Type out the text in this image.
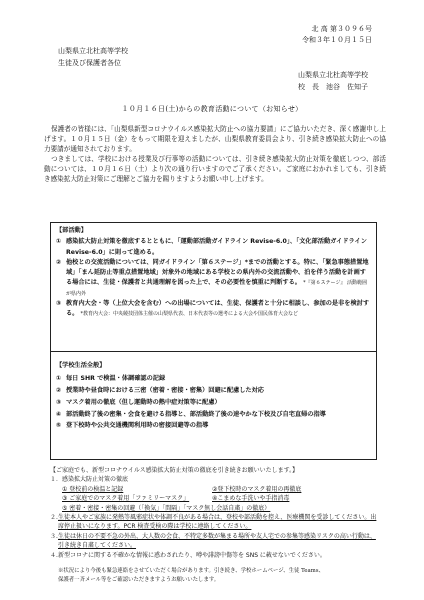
北 高 第３０９６号
令和３年１０月１５日
山梨県立北杜高等学校
生徒及び保護者各位
山梨県立北杜高等学校
校　長　池谷　佐知子
１０月１６日(土)からの教育活動について（お知らせ）

保護者の皆様には、「山梨県新型コロナウイルス感染拡大防止への協力要請」にご協力いただき、深く感謝申し上げます。１０月１５日（金）をもって期限を迎えましたが、山梨県教育委員会より、引き続き感染拡大防止への協力要請が通知されております。

つきましては、学校における授業及び行事等の活動については、引き続き感染拡大防止対策を徹底しつつ、部活動については、１０月１６日（土）より次の通り行いますのでご了承ください。ご家庭におかれましても、引き続き感染拡大防止対策にご理解とご協力を賜りますようお願い申し上げます。

【部活動】
① 感染拡大防止対策を徹底するとともに、「運動部活動ガイドライン Revise-6.0」、「文化部活動ガイドライン Revise-6.0」に則って進める。
② 他校との交流活動については、同ガイドライン「第６ステージ」*までの活動とする。特に、「緊急事態措置地域」「まん延防止等重点措置地域」対象外の地域にある学校との県内外の交流活動や、泊を伴う活動を計画する場合には、生徒・保護者と共通理解を図った上で、その必要性を慎重に判断する。 *『第６ステージ』 活動範囲が県内外
③ 教育内大会・等（上位大会を含む）への出場については、生徒、保護者と十分に相談し、参加の是非を検討する。 *教育内大会：中央競技団体主催の山梨県代表、日本代表等の選考による大会や国民体育大会など
【学校生活全般】
① 毎日 SHR で検温・体調確認の記録
② 授業時や昼食時における三密（密着・密接・密集）回避に配慮した対応
③ マスク着用の徹底（但し運動時の熱中症対策等に配慮）
④ 部活動終了後の密集・会食を避ける指導と、部活動終了後の速やかな下校及び自宅直帰の指導
⑤ 登下校時や公共交通機関利用時の密接回避等の指導
【ご家庭でも、新型コロナウイルス感染拡大防止対策の徹底を引き続きお願いいたします。】
１．感染拡大防止対策の徹底
① 登校前の検温と記録	②登下校時のマスク着用の再徹底
③ ご家庭でのマスク着用「ファミリーマスク」	④こまめな手洗いや手指消毒
⑤ 密着・密接・密集の回避（「換気」「間隔」「マスク無し会話自粛」の徹底）
２. 生徒本人やご家族に発熱等風邪症状や体調不良がある場合は、登校や部活動を控え、医療機関を受診してください。出席停止扱いになります。PCR 検査受検の際は学校に連絡してください。
３. 生徒は休日の不要不急の外出、大人数の会食、不特定多数が集まる場所や友人宅での参集等感染リスクの高い行動は、引き続き自粛してください。
４. 新型コロナに関する不確かな情報に惑わされたり、噂や誹謗中傷等を SNS に載せないでください。
※状況により今後も緊急連絡をさせていただく場合があります。引き続き、学校ホームページ、生徒 Teams、
保護者一斉メール等をご確認いただきますようお願いいたします。
